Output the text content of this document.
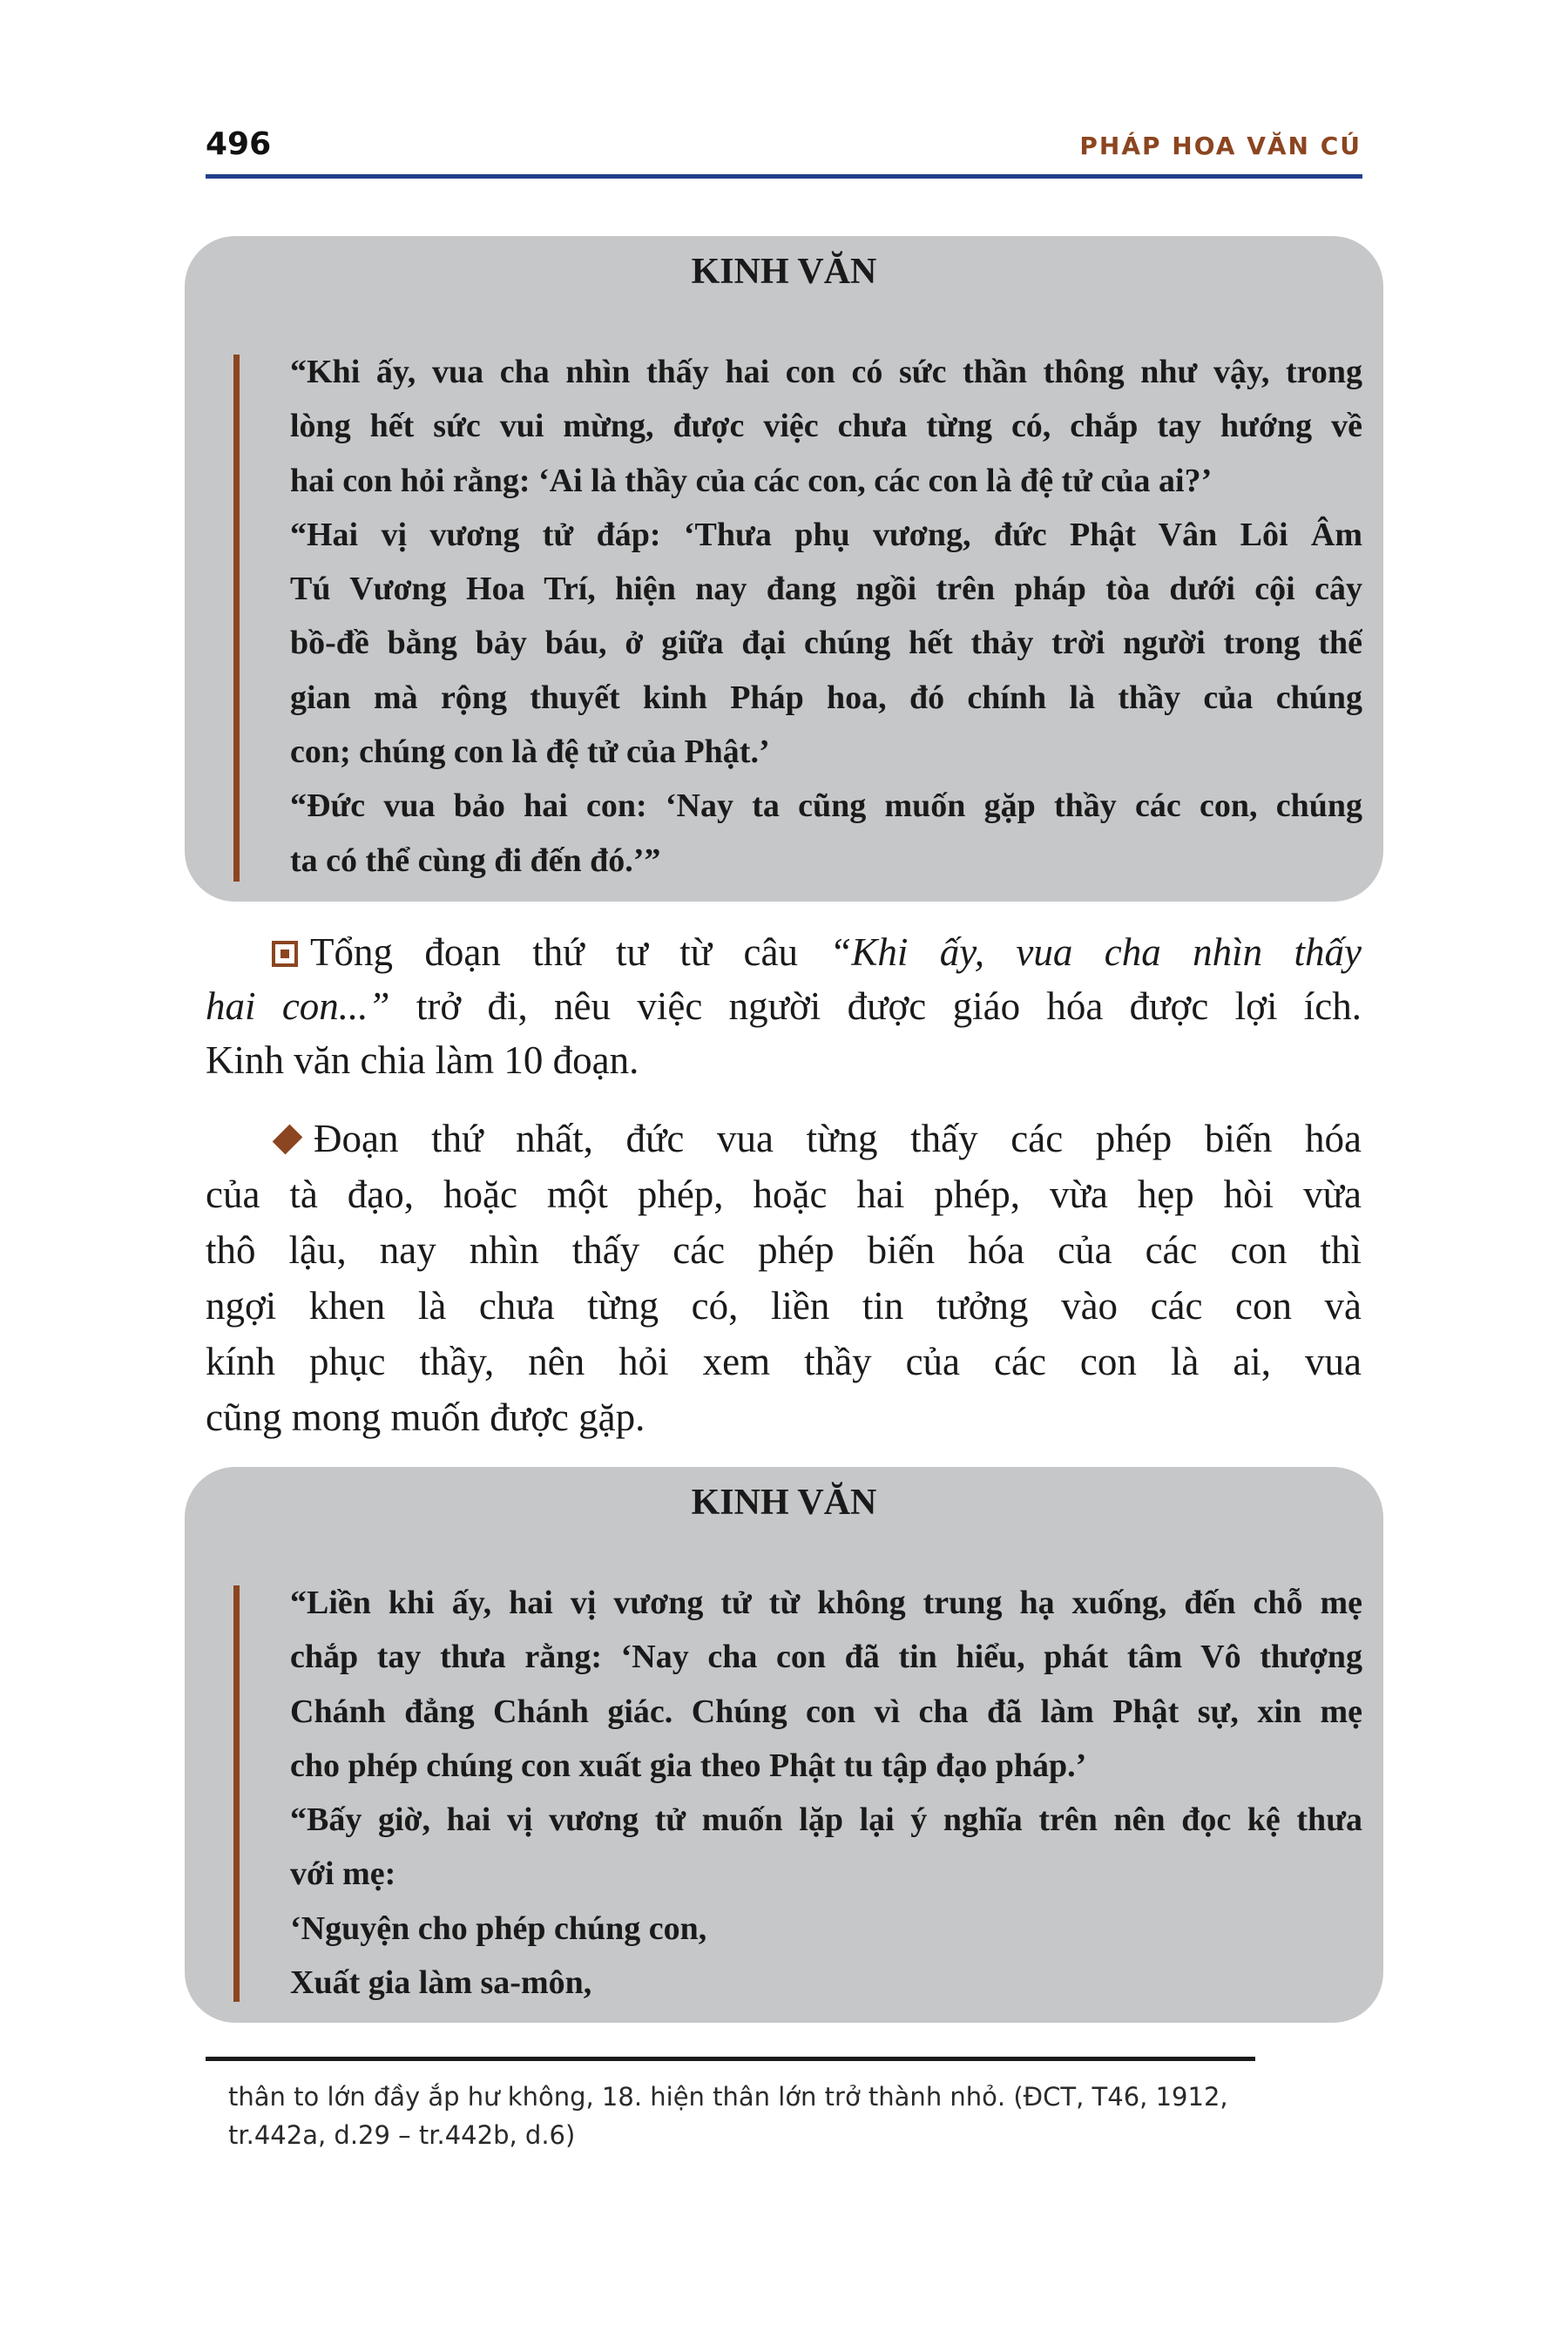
496	PHÁP HOA VĂN CÚ
KINH VĂN
“Khi ấy, vua cha nhìn thấy hai con có sức thần thông như vậy, trong
lòng hết sức vui mừng, được việc chưa từng có, chắp tay hướng về
hai con hỏi rằng: ‘Ai là thầy của các con, các con là đệ tử của ai?’
“Hai vị vương tử đáp: ‘Thưa phụ vương, đức Phật Vân Lôi Âm
Tú Vương Hoa Trí, hiện nay đang ngồi trên pháp tòa dưới cội cây
bồ-đề bằng bảy báu, ở giữa đại chúng hết thảy trời người trong thế
gian mà rộng thuyết kinh Pháp hoa, đó chính là thầy của chúng
con; chúng con là đệ tử của Phật.’
“Đức vua bảo hai con: ‘Nay ta cũng muốn gặp thầy các con, chúng
ta có thể cùng đi đến đó.’”
Tổng đoạn thứ tư từ câu “Khi ấy, vua cha nhìn thấy
hai con...” trở đi, nêu việc người được giáo hóa được lợi ích.
Kinh văn chia làm 10 đoạn.
Đoạn thứ nhất, đức vua từng thấy các phép biến hóa
của tà đạo, hoặc một phép, hoặc hai phép, vừa hẹp hòi vừa
thô lậu, nay nhìn thấy các phép biến hóa của các con thì
ngợi khen là chưa từng có, liền tin tưởng vào các con và
kính phục thầy, nên hỏi xem thầy của các con là ai, vua
cũng mong muốn được gặp.
KINH VĂN
“Liền khi ấy, hai vị vương tử từ không trung hạ xuống, đến chỗ mẹ
chắp tay thưa rằng: ‘Nay cha con đã tin hiểu, phát tâm Vô thượng
Chánh đẳng Chánh giác. Chúng con vì cha đã làm Phật sự, xin mẹ
cho phép chúng con xuất gia theo Phật tu tập đạo pháp.’
“Bấy giờ, hai vị vương tử muốn lặp lại ý nghĩa trên nên đọc kệ thưa
với mẹ:
‘Nguyện cho phép chúng con,
Xuất gia làm sa-môn,
thân to lớn đầy ắp hư không, 18. hiện thân lớn trở thành nhỏ. (ĐCT, T46, 1912,
tr.442a, d.29 – tr.442b, d.6)
